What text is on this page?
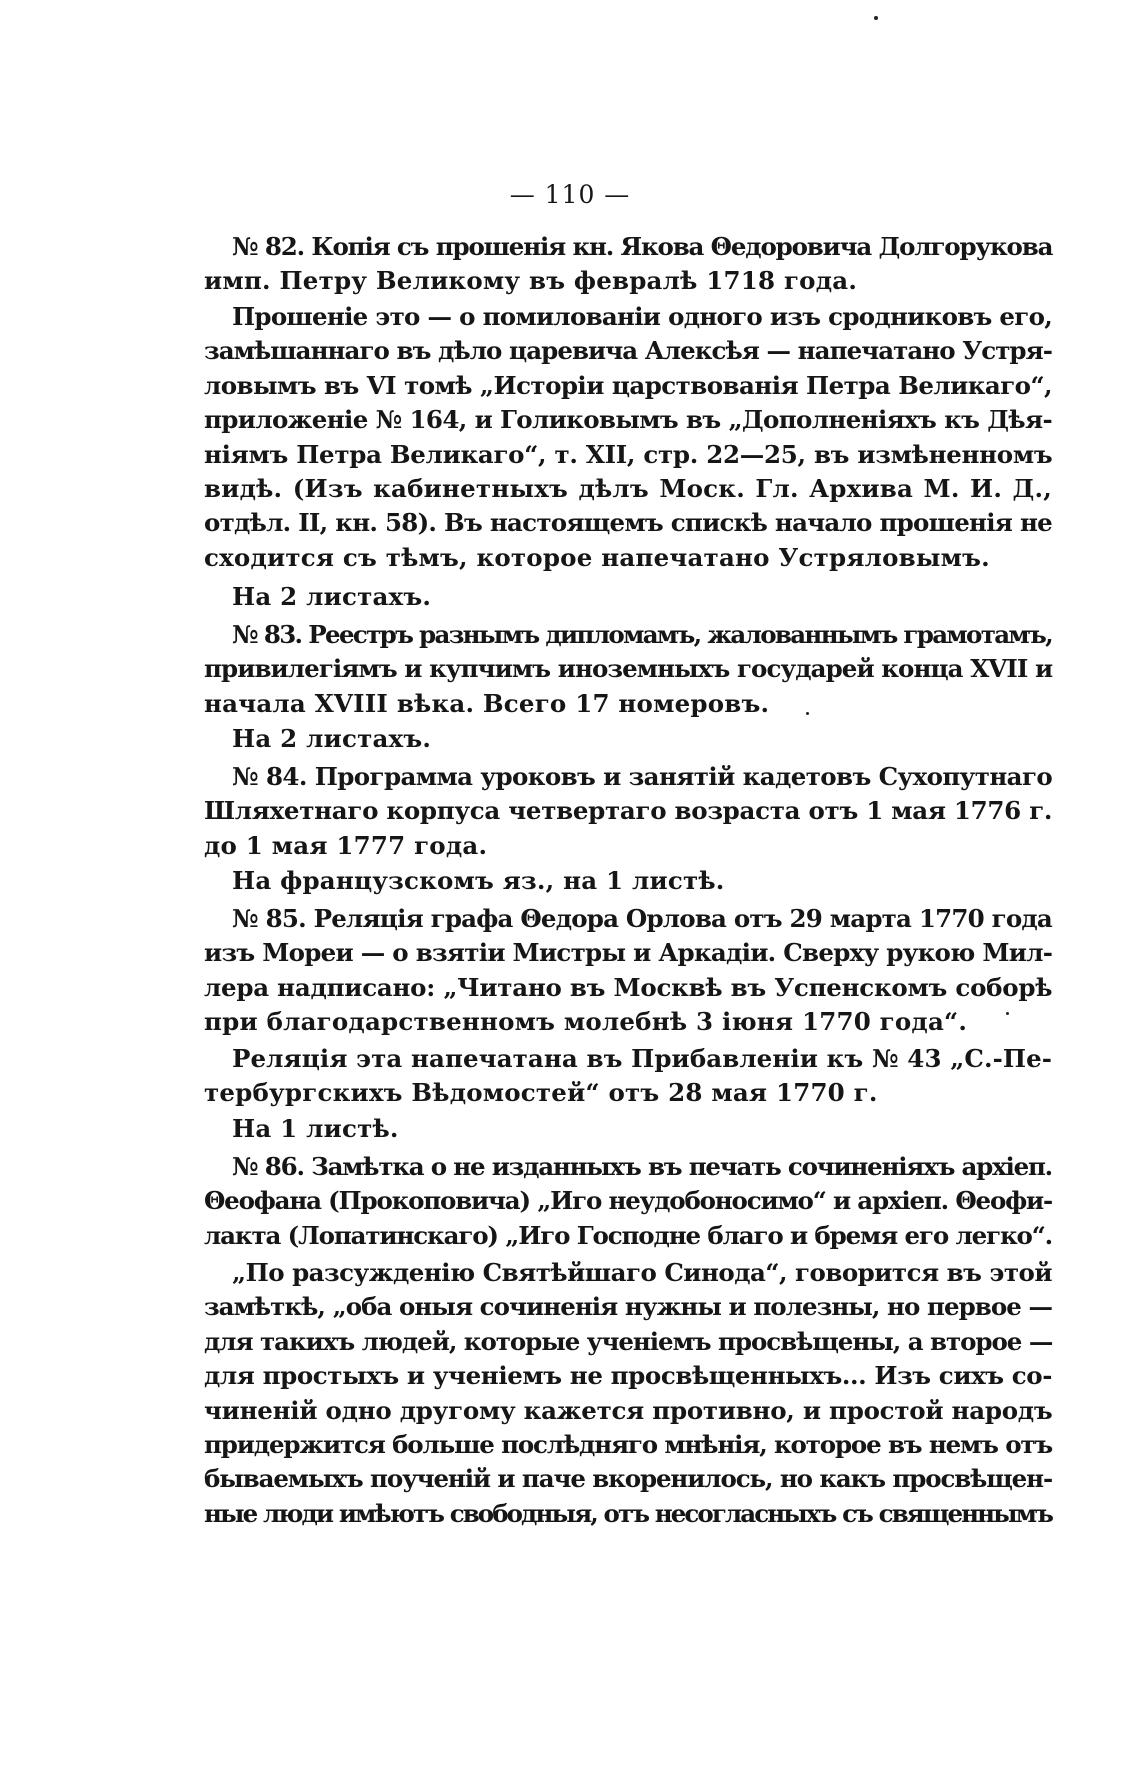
— 110 —
№ 82. Копія съ прошенія кн. Якова Θедоровича Долгорукова
имп. Петру Великому въ февралѣ 1718 года.
Прошеніе это — о помилованіи одного изъ сродниковъ его,
замѣшаннаго въ дѣло царевича Алексѣя — напечатано Устря-
ловымъ въ VI томѣ „Исторіи царствованія Петра Великаго“,
приложеніе № 164, и Голиковымъ въ „Дополненіяхъ къ Дѣя-
ніямъ Петра Великаго“, т. XII, стр. 22—25, въ измѣненномъ
видѣ. (Изъ кабинетныхъ дѣлъ Моск. Гл. Архива М. И. Д.,
отдѣл. II, кн. 58). Въ настоящемъ спискѣ начало прошенія не
сходится съ тѣмъ, которое напечатано Устряловымъ.
На 2 листахъ.
№ 83. Реестръ разнымъ дипломамъ, жалованнымъ грамотамъ,
привилегіямъ и купчимъ иноземныхъ государей конца XVII и
начала XVIII вѣка. Всего 17 номеровъ.
На 2 листахъ.
№ 84. Программа уроковъ и занятій кадетовъ Сухопутнаго
Шляхетнаго корпуса четвертаго возраста отъ 1 мая 1776 г.
до 1 мая 1777 года.
На французскомъ яз., на 1 листѣ.
№ 85. Реляція графа Θедора Орлова отъ 29 марта 1770 года
изъ Мореи — о взятіи Мистры и Аркадіи. Сверху рукою Мил-
лера надписано: „Читано въ Москвѣ въ Успенскомъ соборѣ
при благодарственномъ молебнѣ 3 іюня 1770 года“.
Реляція эта напечатана въ Прибавленіи къ № 43 „С.-Пе-
тербургскихъ Вѣдомостей“ отъ 28 мая 1770 г.
На 1 листѣ.
№ 86. Замѣтка о не изданныхъ въ печать сочиненіяхъ архіеп.
Θеофана (Прокоповича) „Иго неудобоносимо“ и архіеп. Θеофи-
лакта (Лопатинскаго) „Иго Господне благо и бремя его легко“.
„По разсужденію Святѣйшаго Синода“, говорится въ этой
замѣткѣ, „оба оныя сочиненія нужны и полезны, но первое —
для такихъ людей, которые ученіемъ просвѣщены, а второе —
для простыхъ и ученіемъ не просвѣщенныхъ... Изъ сихъ со-
чиненій одно другому кажется противно, и простой народъ
придержится больше послѣдняго мнѣнія, которое въ немъ отъ
бываемыхъ поученій и паче вкоренилось, но какъ просвѣщен-
ные люди имѣютъ свободныя, отъ несогласныхъ съ священнымъ
